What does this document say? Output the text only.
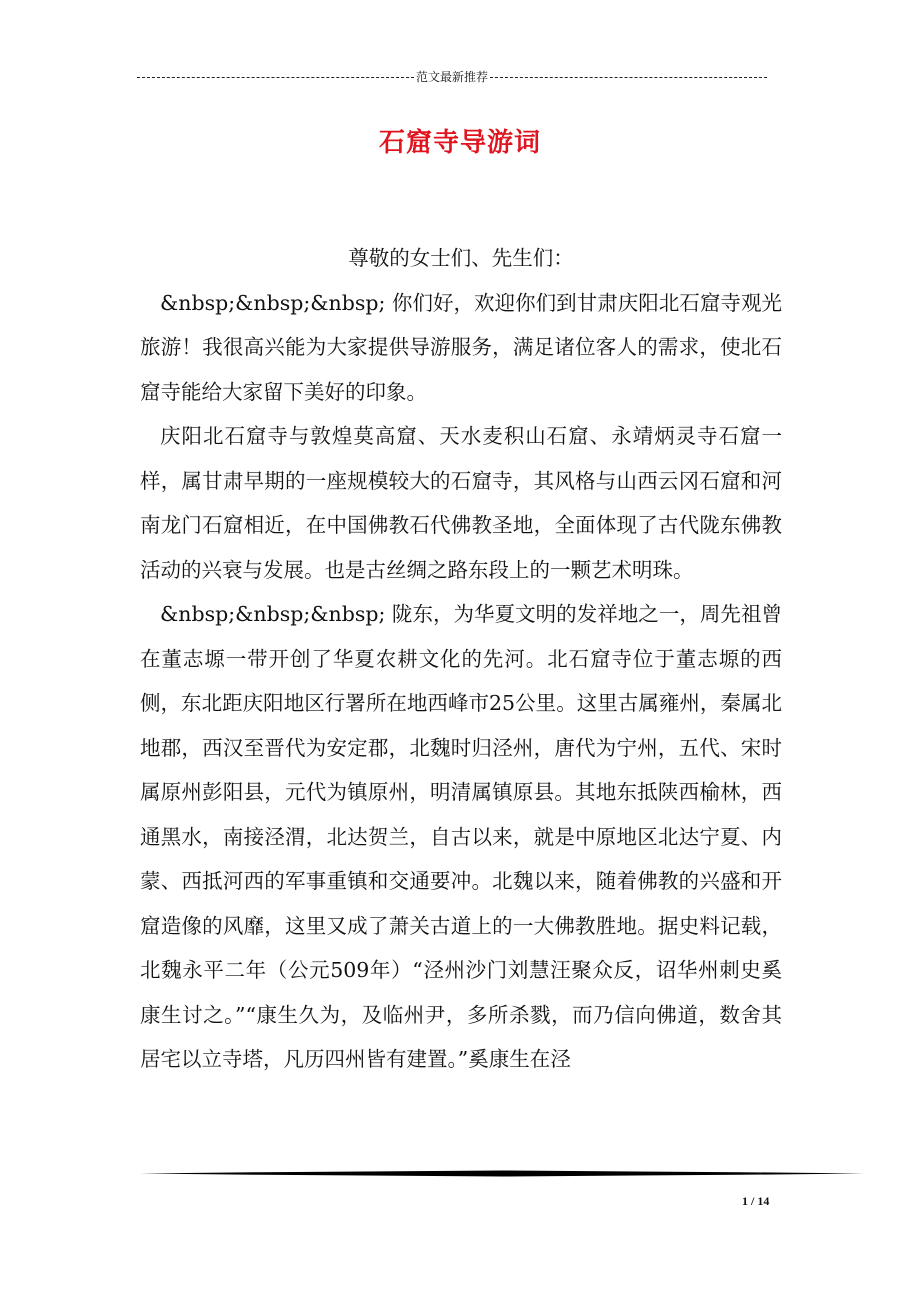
范文最新推荐
石窟寺导游词

尊敬的女士们、先生们：

&nbsp;&nbsp;&nbsp; 你们好，欢迎你们到甘肃庆阳北石窟寺观光旅游！我很高兴能为大家提供导游服务，满足诸位客人的需求，使北石窟寺能给大家留下美好的印象。

庆阳北石窟寺与敦煌莫高窟、天水麦积山石窟、永靖炳灵寺石窟一样，属甘肃早期的一座规模较大的石窟寺，其风格与山西云冈石窟和河南龙门石窟相近，在中国佛教石代佛教圣地，全面体现了古代陇东佛教活动的兴衰与发展。也是古丝绸之路东段上的一颗艺术明珠。

&nbsp;&nbsp;&nbsp; 陇东，为华夏文明的发祥地之一，周先祖曾在董志塬一带开创了华夏农耕文化的先河。北石窟寺位于董志塬的西侧，东北距庆阳地区行署所在地西峰市25公里。这里古属雍州，秦属北地郡，西汉至晋代为安定郡，北魏时归泾州，唐代为宁州，五代、宋时属原州彭阳县，元代为镇原州，明清属镇原县。其地东抵陕西榆林，西通黑水，南接泾渭，北达贺兰，自古以来，就是中原地区北达宁夏、内蒙、西抵河西的军事重镇和交通要冲。北魏以来，随着佛教的兴盛和开窟造像的风靡，这里又成了萧关古道上的一大佛教胜地。据史料记载，北魏永平二年（公元509年）“泾州沙门刘慧汪聚众反，诏华州刺史奚康生讨之。”“康生久为，及临州尹，多所杀戮，而乃信向佛道，数舍其居宅以立寺塔，凡历四州皆有建置。”奚康生在泾

1 / 14
